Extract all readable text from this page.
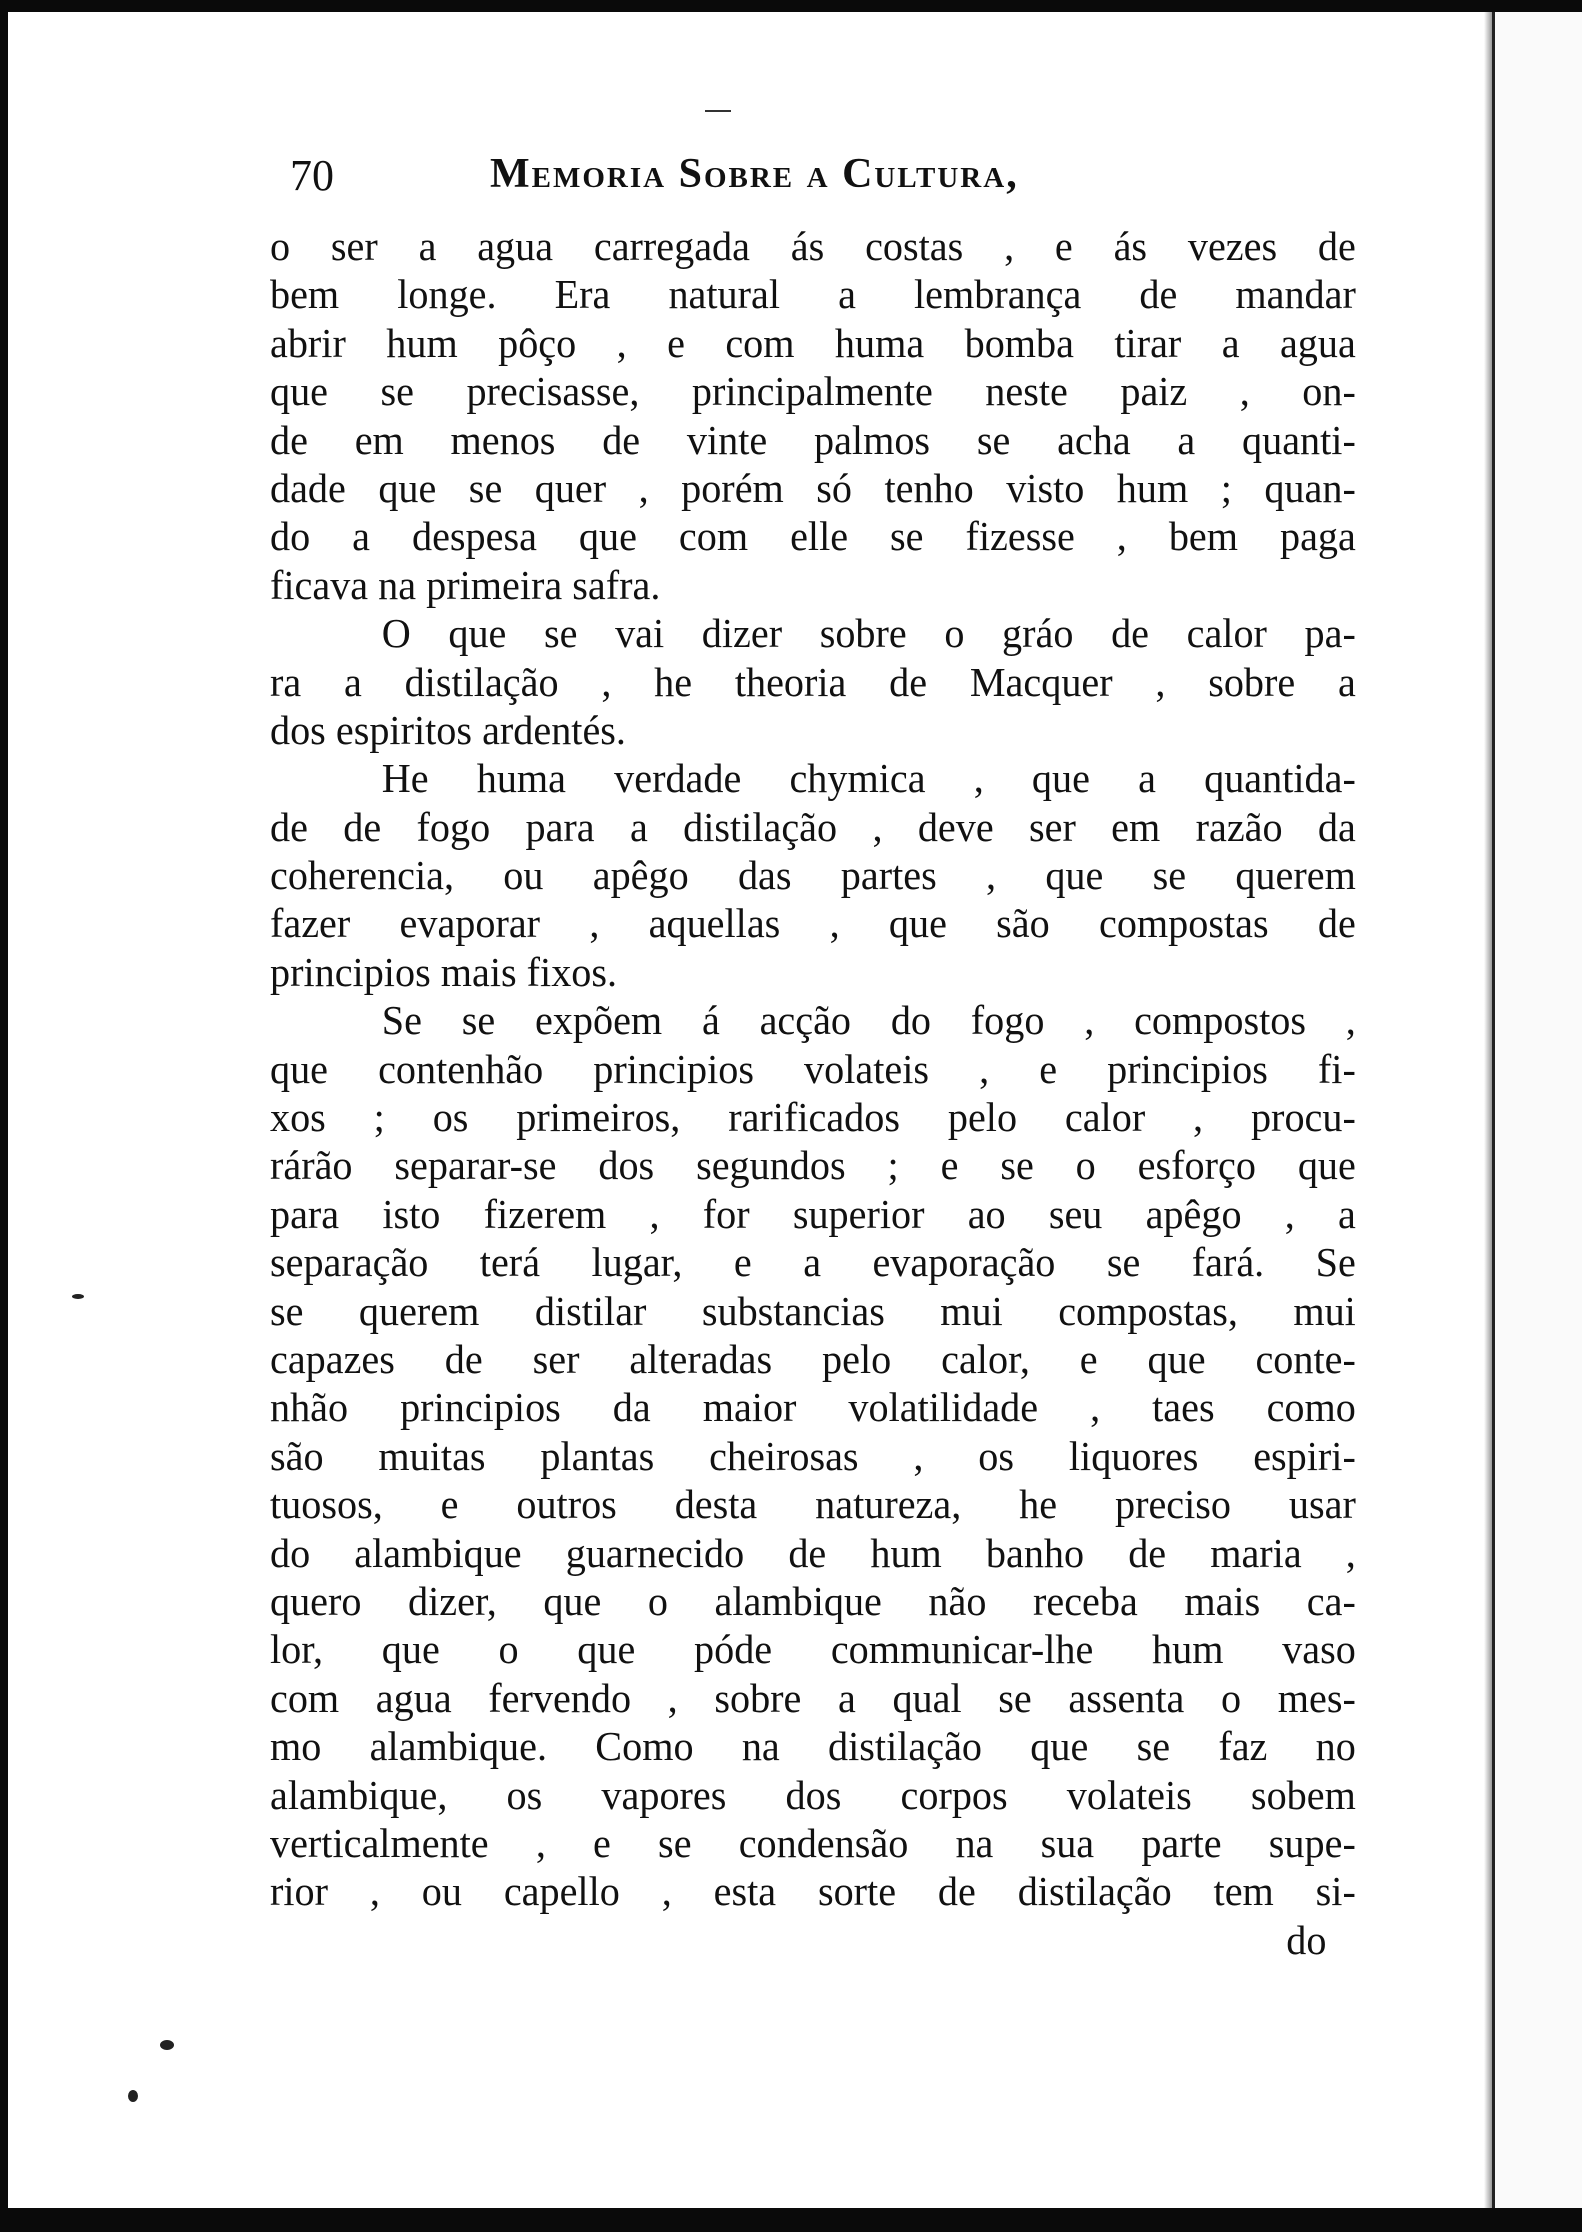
70	Memoria Sobre a Cultura,
o ser a agua carregada ás costas , e ás vezes de
bem longe. Era natural a lembrança de mandar
abrir hum pôço , e com huma bomba tirar a agua
que se precisasse, principalmente neste paiz , on-
de em menos de vinte palmos se acha a quanti-
dade que se quer , porém só tenho visto hum ; quan-
do a despesa que com elle se fizesse , bem paga
ficava na primeira safra.
O que se vai dizer sobre o gráo de calor pa-
ra a distilação , he theoria de Macquer , sobre a
dos espiritos ardentés.
He huma verdade chymica , que a quantida-
de de fogo para a distilação , deve ser em razão da
coherencia, ou apêgo das partes , que se querem
fazer evaporar , aquellas , que são compostas de
principios mais fixos.
Se se expõem á acção do fogo , compostos ,
que contenhão principios volateis , e principios fi-
xos ; os primeiros, rarificados pelo calor , procu-
rárão separar-se dos segundos ; e se o esforço que
para isto fizerem , for superior ao seu apêgo , a
separação terá lugar, e a evaporação se fará. Se
se querem distilar substancias mui compostas, mui
capazes de ser alteradas pelo calor, e que conte-
nhão principios da maior volatilidade , taes como
são muitas plantas cheirosas , os liquores espiri-
tuosos, e outros desta natureza, he preciso usar
do alambique guarnecido de hum banho de maria ,
quero dizer, que o alambique não receba mais ca-
lor, que o que póde communicar-lhe hum vaso
com agua fervendo , sobre a qual se assenta o mes-
mo alambique. Como na distilação que se faz no
alambique, os vapores dos corpos volateis sobem
verticalmente , e se condensão na sua parte supe-
rior , ou capello , esta sorte de distilação tem si-
do
